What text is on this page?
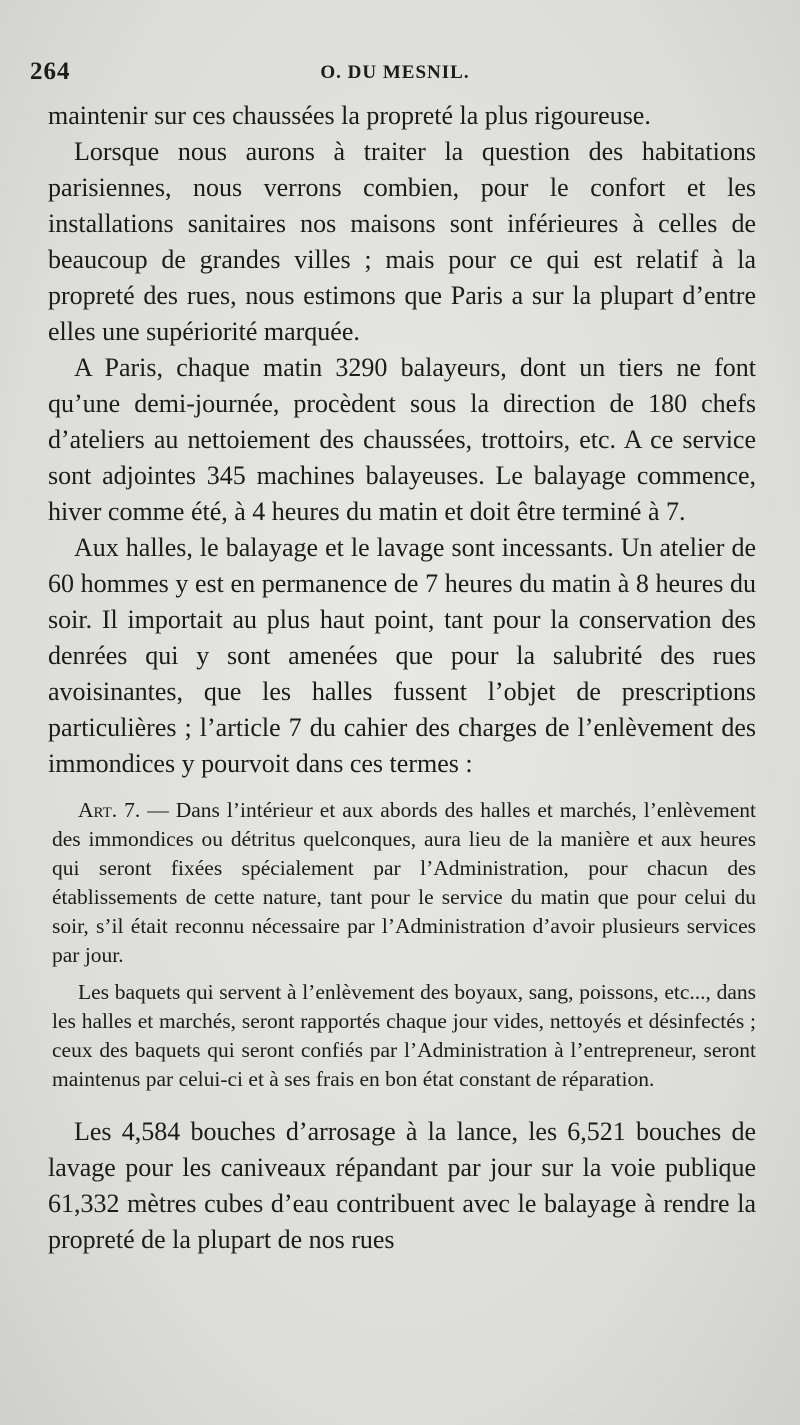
264	O. DU MESNIL.

maintenir sur ces chaussées la propreté la plus rigoureuse.

Lorsque nous aurons à traiter la question des habitations parisiennes, nous verrons combien, pour le confort et les installations sanitaires nos maisons sont inférieures à celles de beaucoup de grandes villes ; mais pour ce qui est relatif à la propreté des rues, nous estimons que Paris a sur la plupart d’entre elles une supériorité marquée.

A Paris, chaque matin 3290 balayeurs, dont un tiers ne font qu’une demi-journée, procèdent sous la direction de 180 chefs d’ateliers au nettoiement des chaussées, trottoirs, etc. A ce service sont adjointes 345 machines balayeuses. Le balayage commence, hiver comme été, à 4 heures du matin et doit être terminé à 7.

Aux halles, le balayage et le lavage sont incessants. Un atelier de 60 hommes y est en permanence de 7 heures du matin à 8 heures du soir. Il importait au plus haut point, tant pour la conservation des denrées qui y sont amenées que pour la salubrité des rues avoisinantes, que les halles fussent l’objet de prescriptions particulières ; l’article 7 du cahier des charges de l’enlèvement des immondices y pourvoit dans ces termes :

Art. 7. — Dans l’intérieur et aux abords des halles et marchés, l’enlèvement des immondices ou détritus quelconques, aura lieu de la manière et aux heures qui seront fixées spécialement par l’Administration, pour chacun des établissements de cette nature, tant pour le service du matin que pour celui du soir, s’il était reconnu nécessaire par l’Administration d’avoir plusieurs services par jour.

Les baquets qui servent à l’enlèvement des boyaux, sang, poissons, etc..., dans les halles et marchés, seront rapportés chaque jour vides, nettoyés et désinfectés ; ceux des baquets qui seront confiés par l’Administration à l’entrepreneur, seront maintenus par celui-ci et à ses frais en bon état constant de réparation.

Les 4,584 bouches d’arrosage à la lance, les 6,521 bouches de lavage pour les caniveaux répandant par jour sur la voie publique 61,332 mètres cubes d’eau contribuent avec le balayage à rendre la propreté de la plupart de nos rues
